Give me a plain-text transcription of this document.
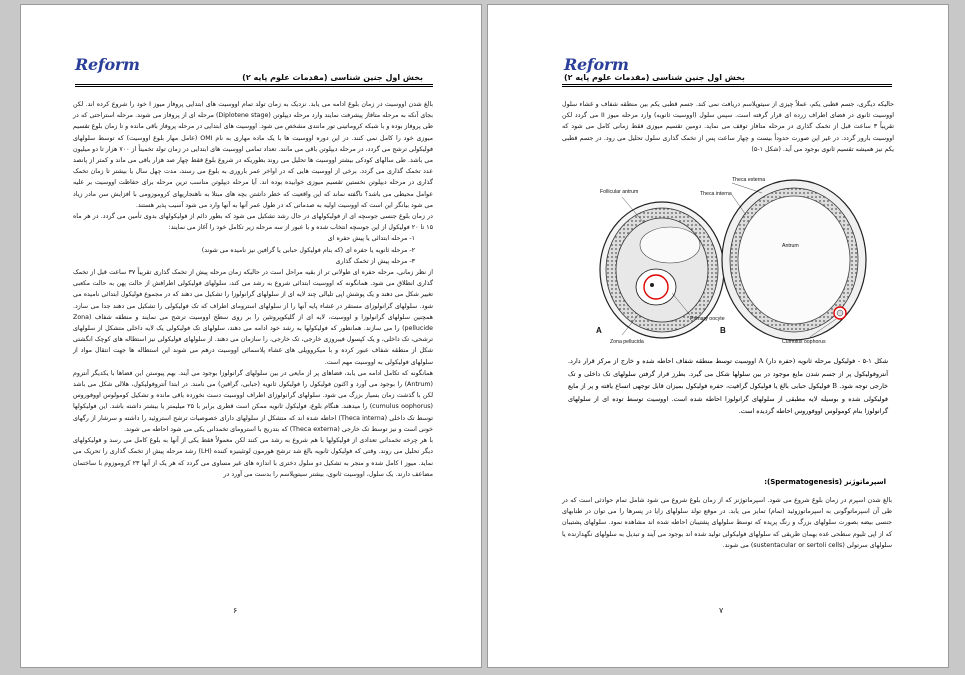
Reform
بخش اول جنین شناسی (مقدمات علوم پایه ۲)

بالغ شدن اووسیت در زمان بلوغ ادامه می یابد. نزدیک به زمان تولد تمام اووسیت های ابتدایی پروفاز میوز I خود را شروع کرده اند. لکن بجای آنکه به مرحله متافاز پیشرفت نمایند وارد مرحله دیپلوتن (Diplotene stage) مرحله ای از پروفاز می شوند. مرحله استراحتی که در طی پروفاز بوده و با شبکه کروماتینی تور مانندی مشخص می شود. اووسیت های ابتدایی در مرحله پروفاز باقی مانده و تا زمان بلوغ تقسیم میوزی خود را کامل نمی کنند. در این دوره اووسیت ها با یک ماده مهاری به نام OMI (عامل مهار بلوغ اووسیت) که توسط سلولهای فولیکولی ترشح می گردد، در مرحله دیپلوتن باقی می مانند. تعداد تمامی اووسیت های ابتدایی در زمان تولد تخمیناً از ۷۰۰ هزار تا دو میلیون می باشد. طی سالهای کودکی بیشتر اووسیت ها تحلیل می روند بطوریکه در شروع بلوغ فقط چهار صد هزار باقی می ماند و کمتر از پانصد عدد تخمک گذاری می گردد. برخی از اووسیت هایی که در اواخر عمر باروری به بلوغ می رسند، مدت چهل سال یا بیشتر تا زمان تخمک گذاری در مرحله دیپلوتن نخستین تقسیم میوزی خوابیده بوده اند. آیا مرحله دیپلوتن مناسب ترین مرحله برای حفاظت اووسیت بر علیه عوامل محیطی می باشد؟ ناگفته نماند که این واقعیت که خطر داشتن بچه های مبتلا به ناهنجاریهای کروموزومی با افزایش سن مادر زیاد می شود بیانگر این است که اووسیت اولیه به صدماتی که در طول عمر آنها به آنها وارد می شود آسیب پذیر هستند.

در زمان بلوغ جنسی جوسچه ای از فولیکولهای در حال رشد تشکیل می شود که بطور دائم از فولیکولهای بدوی تأمین می گردد. در هر ماه ۱۵ تا ۲۰ فولیکول از این جوسچه انتخاب شده و با عبور از سه مرحله زیر تکامل خود را آغاز می نمایند:

۱- مرحله ابتدائی یا پیش حفره ای
۲- مرحله ثانویه یا حفره ای (که بنام فولیکول حبابی یا گرافین نیز نامیده می شوند)
۳- مرحله پیش از تخمک گذاری

از نظر زمانی، مرحله حفره ای طولانی تر از بقیه مراحل است در حالیکه زمان مرحله پیش از تخمک گذاری تقریباً ۳۷ ساعت قبل از تخمک گذاری انطلاق می شود. همانگونه که اووسیت ابتدائی شروع به رشد می کند، سلولهای فولیکولی اطرافش از حالت پهن به حالت مکعبی تغییر شکل می دهند و یک پوشش اپی تلیالی چند لایه ای از سلولهای گرانولوزا را تشکیل می دهند که در مجموع فولیکول ابتدائی نامیده می شود. سلولهای گرانولوزای مستقر در غشاء پایه آنها را از سلولهای استرومای اطراف که تک فولیکولی را تشکیل می دهند جدا می سازد. همچنین سلولهای گرانولوزا و اووسیت، لایه ای از گلیکوپروتئین را بر روی سطح اووسیت ترشح می نمایند و منطقه شفاف (Zona pellucide) را می سازند. همانطور که فولیکولها به رشد خود ادامه می دهند، سلولهای تک فولیکولی یک لایه داخلی متشکل از سلولهای ترشحی، تک داخلی، و یک کپسول فیبروزی خارجی، تک خارجی، را سازمان می دهند. از سلولهای فولیکولی نیز استطاله های کوچک انگشتی شکل از منطقه شفاف عبور کرده و با میکروویلی های غشاء پلاسمائی اووسیت درهم می شوند این استطاله ها جهت انتقال مواد از سلولهای فولیکولی به اووسیت مهم است.

همانگونه که تکامل ادامه می یابد، فضاهای پر از مایعی در بین سلولهای گرانولوزا بوجود می آیند. بهم پیوستن این فضاها با یکدیگر آنتروم (Antrum) را بوجود می آورد و اکنون فولیکول را فولیکول ثانویه (حبابی، گرافین) می نامند. در ابتدا آنتروفولیکول، هلالی شکل می باشد لکن با گذشت زمان بسیار بزرگ می شود. سلولهای گرانولوزای اطراف اووسیت دست نخورده باقی مانده و تشکیل کومولوس اووفوروس (cumulus oophorus) را میدهند. هنگام بلوغ، فولیکول ثانویه ممکن است قطری برابر با ۲۵ میلیمتر یا بیشتر داشته باشد. این فولیکولها توسط تک داخلی (Theca interna) احاطه شده اند که متشکل از سلولهای دارای خصوصیات ترشح استروئید را داشته و سرشار از رگهای خونی است و نیز توسط تک خارجی (Theca externa) که بتدریج با استرومای تخمدانی یکی می شود احاطه می شوند.

با هر چرخه تخمدانی تعدادی از فولیکولها با هم شروع به رشد می کنند لکن معمولاً فقط یکی از آنها به بلوغ کامل می رسد و فولیکولهای دیگر تحلیل می روند. وقتی که فولیکول ثانویه بالغ شد ترشح هورمون لوتئینیزه کننده (LH) رشد مرحله پیش از تخمک گذاری را تحریک می نماید. میوز I کامل شده و منجر به تشکیل دو سلول دختری با اندازه های غیر مساوی می گردد که هر یک از آنها ۲۳ کروموزوم با ساختمان مضاعف دارند. یک سلول، اووسیت ثانوی، بیشتر سیتوپلاسم را بدست می آورد در

۶
Reform
بخش اول جنین شناسی (مقدمات علوم پایه ۲)
حالیکه دیگری، جسم قطبی یکم، عملاً چیزی از سیتوپلاسم دریافت نمی کند. جسم قطبی یکم بین منطقه شفاف و غشاء سلول اووسیت ثانوی در فضای اطراف زرده ای قرار گرفته است. سپس سلول (اووسیت ثانویه) وارد مرحله میوز II می گردد لکن تقریباً ۳ ساعت قبل از تخمک گذاری در مرحله متافاز توقف می نماید. دومین تقسیم میوزی فقط زمانی کامل می شود که اووسیت بارور گردد. در غیر این صورت حدوداً بیست و چهار ساعت پس از تخمک گذاری سلول تحلیل می رود. در جسم قطبی یکم نیز همیشه تقسیم ثانوی بوجود می آید. (شکل ۱-۵)
Follicular antrum
Theca externa
Theca interna
Antrum
Primary oocyte
Zona pellucida	Cumulus oophorus
A	B
شکل ۱-۵ - فولیکول مرحله ثانویه (حفره دار) A اووسیت توسط منطقه شفاف احاطه شده و خارج از مرکز قرار دارد. آنتروفولیکول پر از جسم شدن مایع موجود در بین سلولها شکل می گیرد. بطرز قرار گرفتن سلولهای تک داخلی و تک خارجی توجه شود. B فولیکول حبابی بالغ یا فولیکول گرافیت، حفره فولیکول بمیزان قابل توجهی اتساع یافته و پر از مایع فولیکولی شده و بوسیله لایه مطبقی از سلولهای گرانولوزا احاطه شده است. اووسیت توسط توده ای از سلولهای گرانولوزا بنام کومولوس اووفوروس احاطه گردیده است.
اسپرماتوژنز (Spermatogenesis):
بالغ شدن اسپرم در زمان بلوغ شروع می شود. اسپرماتوژنز که از زمان بلوغ شروع می شود شامل تمام حوادثی است که در طی آن اسپرماتوگونی به اسپرماتوزوئید (تمام) تمایز می یابد. در موقع تولد سلولهای زایا در پسرها را می توان در طنابهای جنسی بیضه بصورت سلولهای بزرگ و رنگ پریده که توسط سلولهای پشتیبان احاطه شده اند مشاهده نمود. سلولهای پشتیبان که از اپی تلیوم سطحی غده بهمان طریقی که سلولهای فولیکولی تولید شده اند بوجود می آیند و تبدیل به سلولهای نگهدارنده یا سلولهای سرتولی (sustentacular or sertoli cells) می شوند.
۷
